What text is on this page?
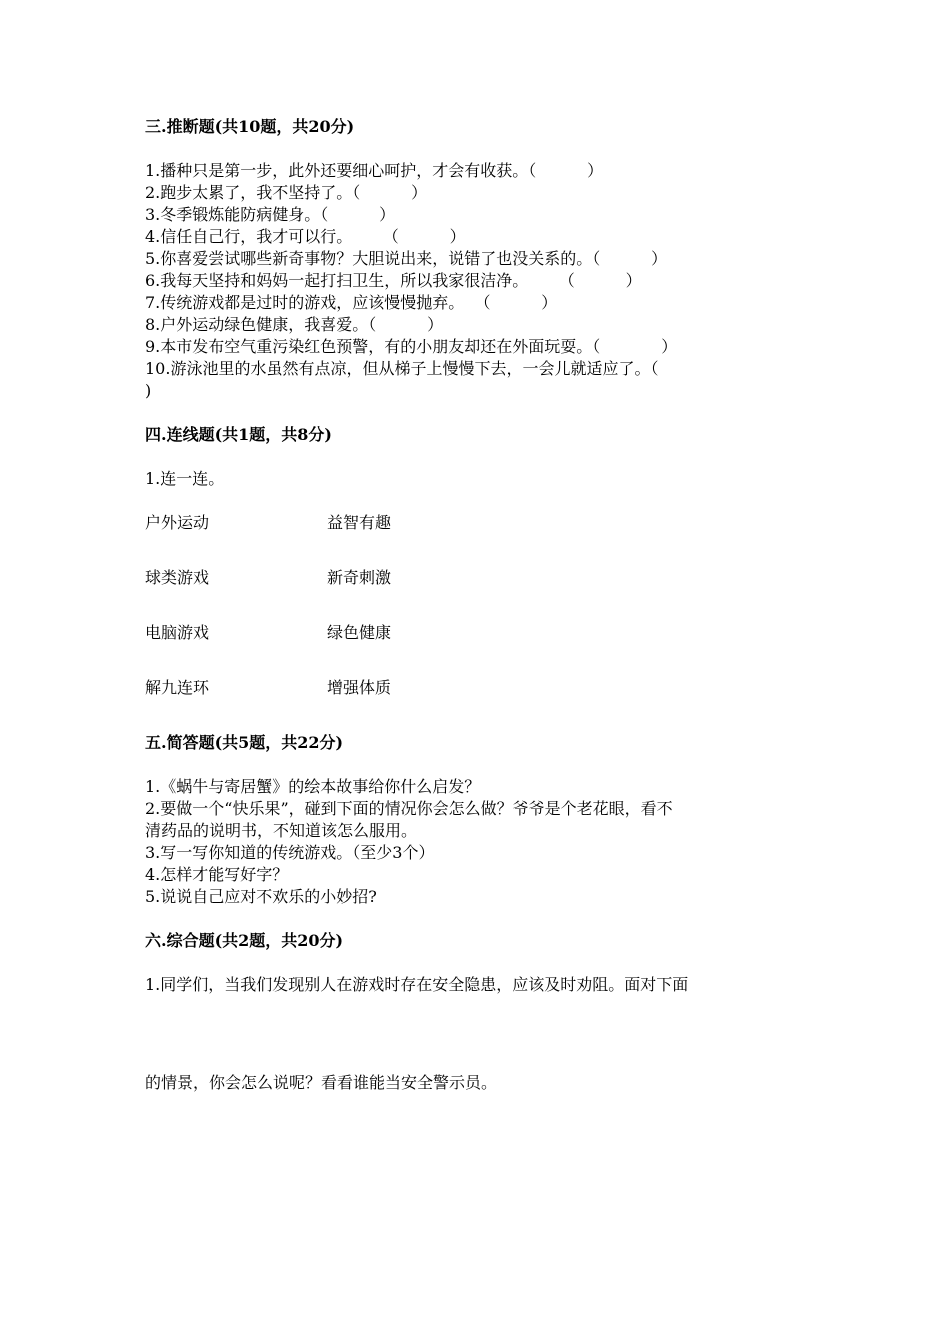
三.推断题(共10题，共20分)
1.播种只是第一步，此外还要细心呵护，才会有收获。（          ）
2.跑步太累了，我不坚持了。（          ）
3.冬季锻炼能防病健身。（          ）
4.信任自己行，我才可以行。      （          ）
5.你喜爱尝试哪些新奇事物？大胆说出来，说错了也没关系的。（          ）
6.我每天坚持和妈妈一起打扫卫生，所以我家很洁净。      （          ）
7.传统游戏都是过时的游戏，应该慢慢抛弃。  （          ）
8.户外运动绿色健康，我喜爱。（          ）
9.本市发布空气重污染红色预警，有的小朋友却还在外面玩耍。（            ）
10.游泳池里的水虽然有点凉，但从梯子上慢慢下去，一会儿就适应了。（
)
四.连线题(共1题，共8分)
1.连一连。
户外运动	益智有趣
球类游戏	新奇刺激
电脑游戏	绿色健康
解九连环	增强体质
五.简答题(共5题，共22分)
1.《蜗牛与寄居蟹》的绘本故事给你什么启发？
2.要做一个“快乐果”，碰到下面的情况你会怎么做？爷爷是个老花眼，看不
清药品的说明书，不知道该怎么服用。
3.写一写你知道的传统游戏。（至少3个）
4.怎样才能写好字？
5.说说自己应对不欢乐的小妙招?
六.综合题(共2题，共20分)
1.同学们，当我们发现别人在游戏时存在安全隐患，应该及时劝阻。面对下面
的情景，你会怎么说呢？看看谁能当安全警示员。
